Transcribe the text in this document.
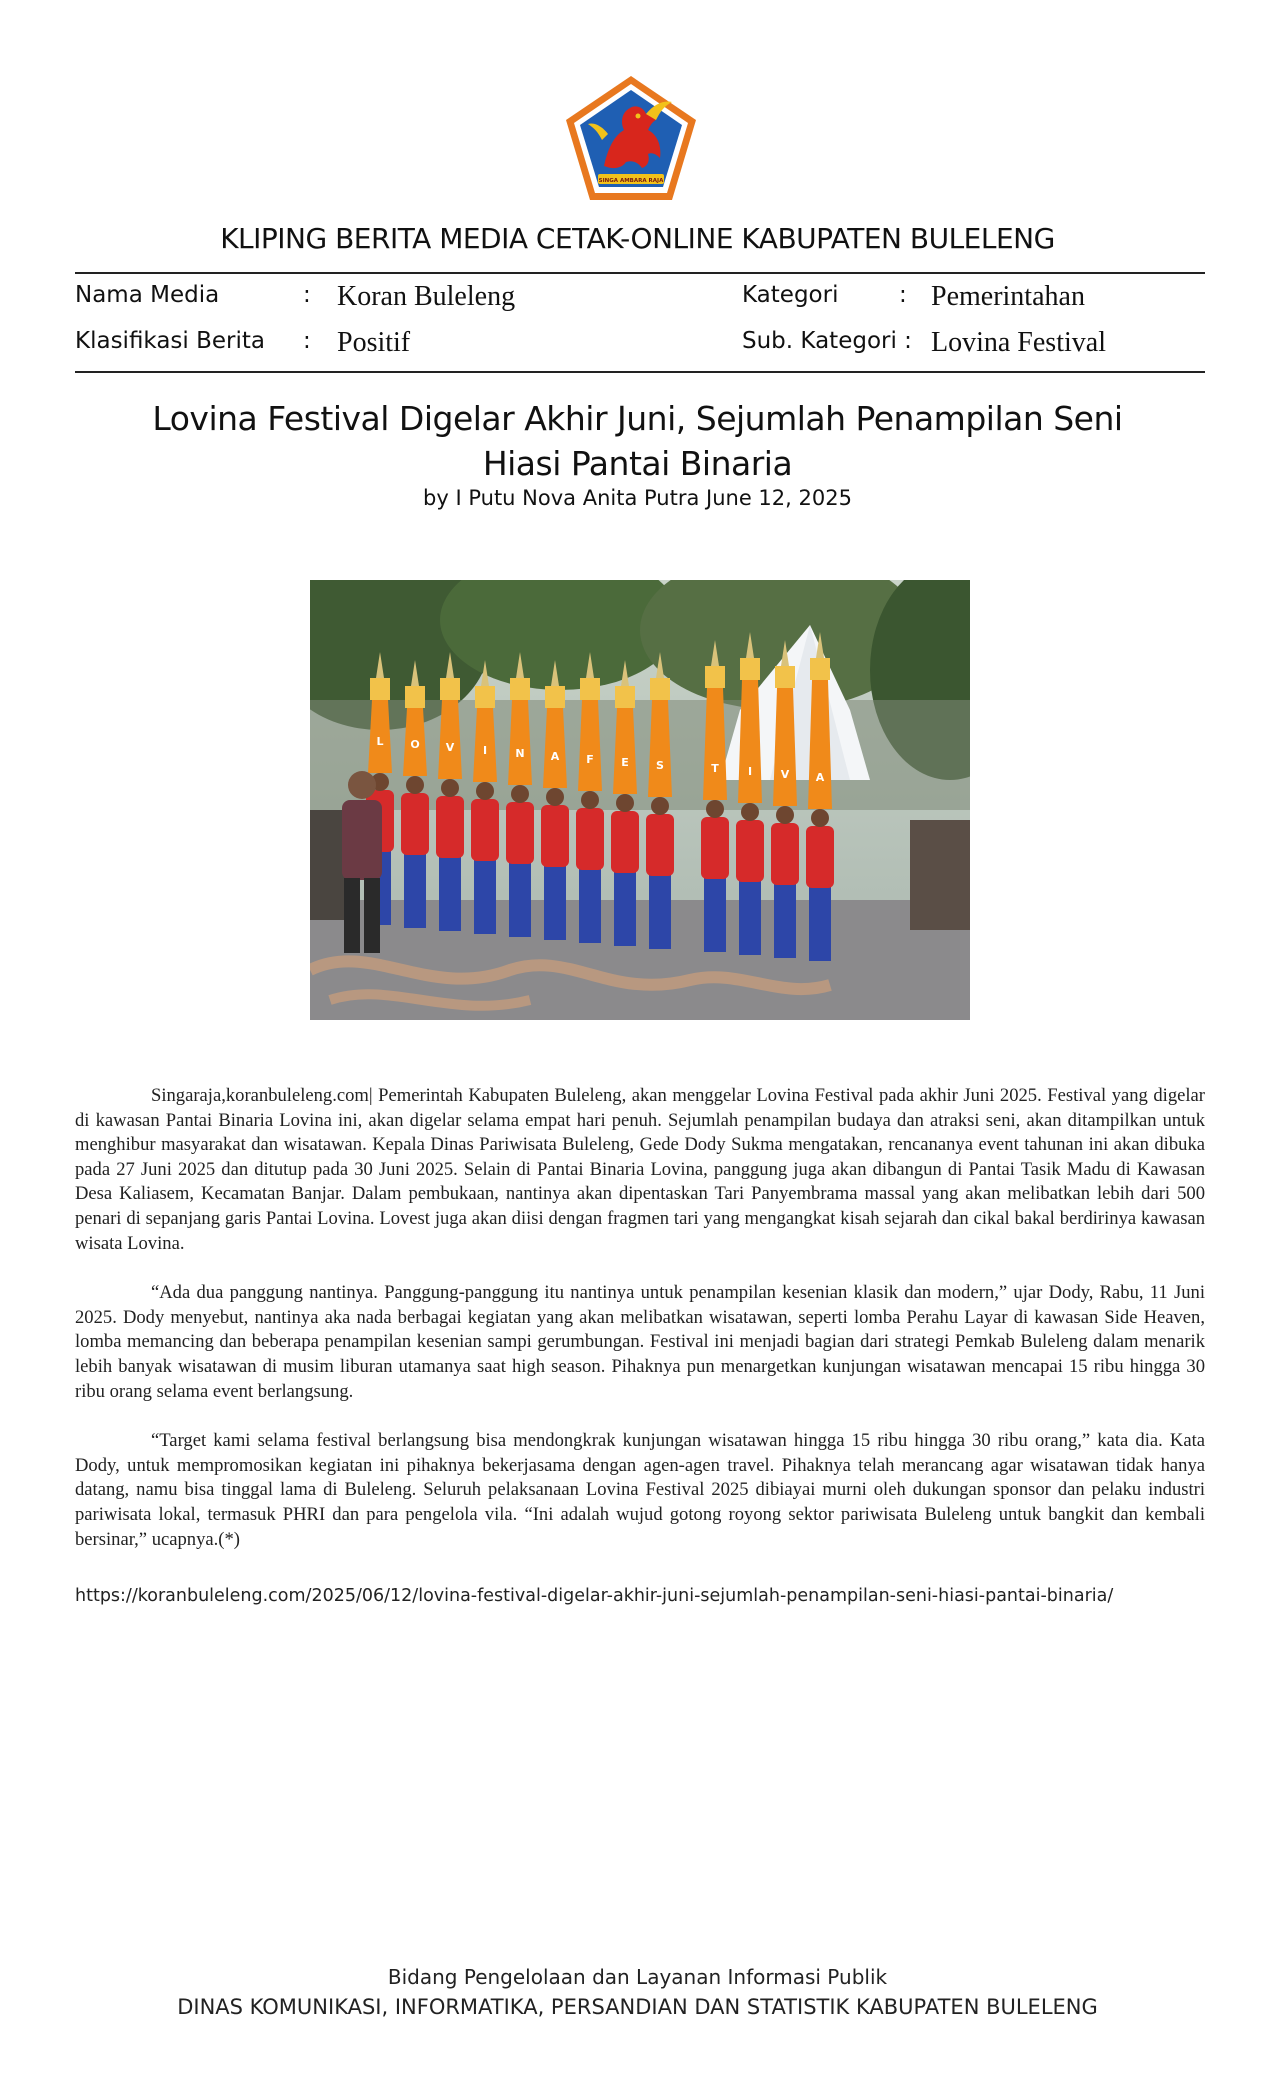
SINGA AMBARA RAJA
KLIPING BERITA MEDIA CETAK-ONLINE KABUPATEN BULELENG
Nama Media	: Koran Buleleng	Kategori	: Pemerintahan
Klasifikasi Berita : Positif	Sub. Kategori : Lovina Festival
Lovina Festival Digelar Akhir Juni, Sejumlah Penampilan Seni
Hiasi Pantai Binaria
by I Putu Nova Anita Putra June 12, 2025
L O V	I	N A F E S	T	I	V A

Singaraja,koranbuleleng.com| Pemerintah Kabupaten Buleleng, akan menggelar Lovina Festival pada akhir Juni 2025. Festival yang digelar di kawasan Pantai Binaria Lovina ini, akan digelar selama empat hari penuh. Sejumlah penampilan budaya dan atraksi seni, akan ditampilkan untuk menghibur masyarakat dan wisatawan. Kepala Dinas Pariwisata Buleleng, Gede Dody Sukma mengatakan, rencananya event tahunan ini akan dibuka pada 27 Juni 2025 dan ditutup pada 30 Juni 2025. Selain di Pantai Binaria Lovina, panggung juga akan dibangun di Pantai Tasik Madu di Kawasan Desa Kaliasem, Kecamatan Banjar. Dalam pembukaan, nantinya akan dipentaskan Tari Panyembrama massal yang akan melibatkan lebih dari 500 penari di sepanjang garis Pantai Lovina. Lovest juga akan diisi dengan fragmen tari yang mengangkat kisah sejarah dan cikal bakal berdirinya kawasan wisata Lovina.

“Ada dua panggung nantinya. Panggung-panggung itu nantinya untuk penampilan kesenian klasik dan modern,” ujar Dody, Rabu, 11 Juni 2025. Dody menyebut, nantinya aka nada berbagai kegiatan yang akan melibatkan wisatawan, seperti lomba Perahu Layar di kawasan Side Heaven, lomba memancing dan beberapa penampilan kesenian sampi gerumbungan. Festival ini menjadi bagian dari strategi Pemkab Buleleng dalam menarik lebih banyak wisatawan di musim liburan utamanya saat high season. Pihaknya pun menargetkan kunjungan wisatawan mencapai 15 ribu hingga 30 ribu orang selama event berlangsung.

“Target kami selama festival berlangsung bisa mendongkrak kunjungan wisatawan hingga 15 ribu hingga 30 ribu orang,” kata dia. Kata Dody, untuk mempromosikan kegiatan ini pihaknya bekerjasama dengan agen-agen travel. Pihaknya telah merancang agar wisatawan tidak hanya datang, namu bisa tinggal lama di Buleleng. Seluruh pelaksanaan Lovina Festival 2025 dibiayai murni oleh dukungan sponsor dan pelaku industri pariwisata lokal, termasuk PHRI dan para pengelola vila. “Ini adalah wujud gotong royong sektor pariwisata Buleleng untuk bangkit dan kembali bersinar,” ucapnya.(*)

https://koranbuleleng.com/2025/06/12/lovina-festival-digelar-akhir-juni-sejumlah-penampilan-seni-hiasi-pantai-binaria/
Bidang Pengelolaan dan Layanan Informasi Publik
DINAS KOMUNIKASI, INFORMATIKA, PERSANDIAN DAN STATISTIK KABUPATEN BULELENG
